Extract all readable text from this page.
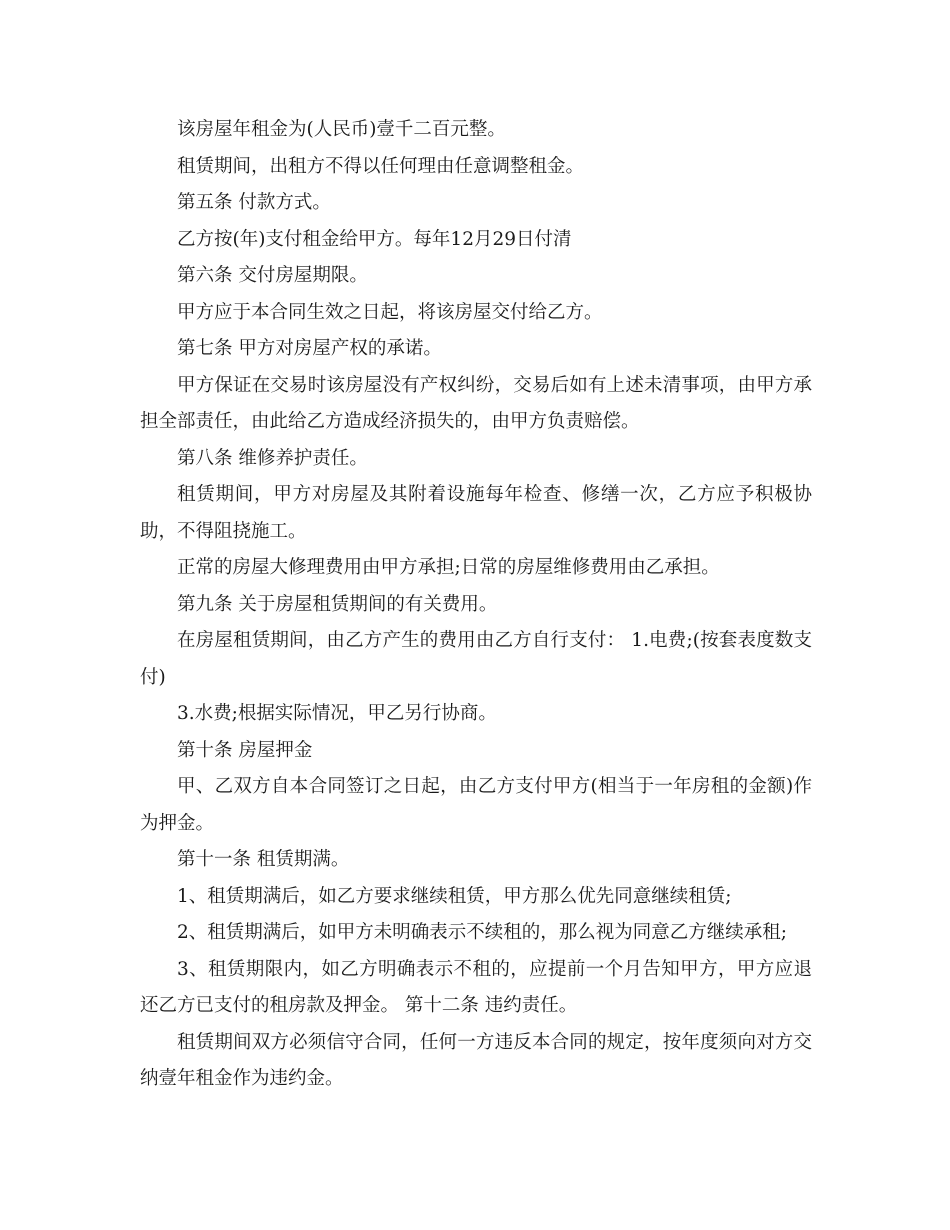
该房屋年租金为(人民币)壹千二百元整。

租赁期间，出租方不得以任何理由任意调整租金。

第五条 付款方式。

乙方按(年)支付租金给甲方。每年12月29日付清

第六条 交付房屋期限。

甲方应于本合同生效之日起，将该房屋交付给乙方。

第七条 甲方对房屋产权的承诺。

甲方保证在交易时该房屋没有产权纠纷，交易后如有上述未清事项，由甲方承担全部责任，由此给乙方造成经济损失的，由甲方负责赔偿。

第八条 维修养护责任。

租赁期间，甲方对房屋及其附着设施每年检查、修缮一次，乙方应予积极协助，不得阻挠施工。

正常的房屋大修理费用由甲方承担;日常的房屋维修费用由乙承担。

第九条 关于房屋租赁期间的有关费用。

在房屋租赁期间，由乙方产生的费用由乙方自行支付： 1.电费;(按套表度数支付)

3.水费;根据实际情况，甲乙另行协商。

第十条 房屋押金

甲、乙双方自本合同签订之日起，由乙方支付甲方(相当于一年房租的金额)作为押金。

第十一条 租赁期满。

1、租赁期满后，如乙方要求继续租赁，甲方那么优先同意继续租赁;

2、租赁期满后，如甲方未明确表示不续租的，那么视为同意乙方继续承租;

3、租赁期限内，如乙方明确表示不租的，应提前一个月告知甲方，甲方应退还乙方已支付的租房款及押金。 第十二条 违约责任。

租赁期间双方必须信守合同，任何一方违反本合同的规定，按年度须向对方交纳壹年租金作为违约金。
